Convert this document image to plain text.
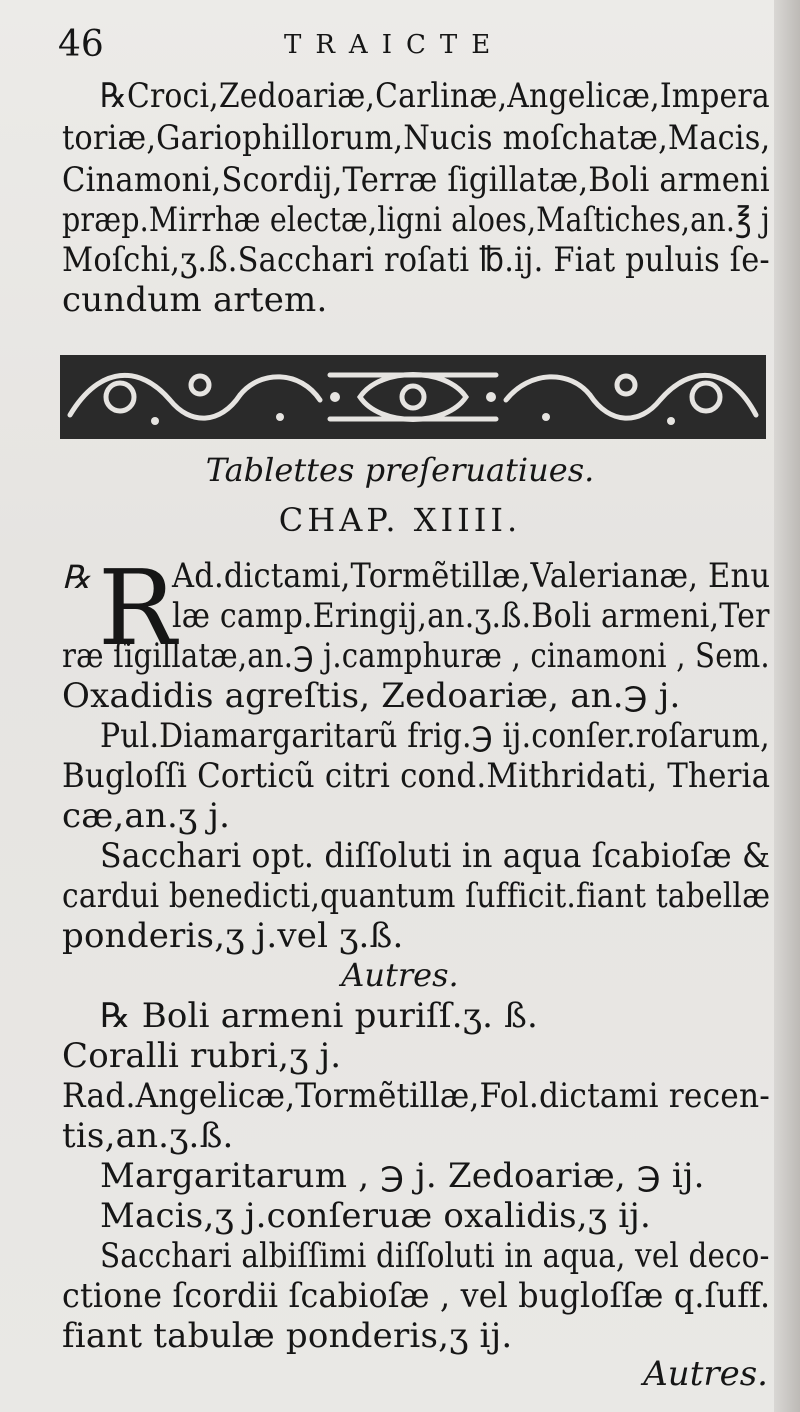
46	TRAICTE
℞Croci,Zedoariæ,Carlinæ,Angelicæ,Impera
toriæ,Gariophillorum,Nucis moſchatæ,Macis,
Cinamoni,Scordij,Terræ ſigillatæ,Boli armeni
præp.Mirrhæ electæ,ligni aloes,Maſtiches,an.℥ j
Moſchi,ʒ.ß.Sacchari roſati ℔.ij. Fiat puluis ſe-
cundum artem.
Tablettes preſeruatiues.
CHAP. XIIII.
℞ R
Ad.dictami,Tormẽtillæ,Valerianæ, Enu
læ camp.Eringij,an.ʒ.ß.Boli armeni,Ter
ræ ſigillatæ,an.℈ j.camphuræ , cinamoni , Sem.
Oxadidis agreſtis, Zedoariæ, an.℈ j.
Pul.Diamargaritarũ frig.℈ ij.conſer.roſarum,
Bugloſſi Corticũ citri cond.Mithridati, Theria
cæ,an.ʒ j.
Sacchari opt. diſſoluti in aqua ſcabioſæ &
cardui benedicti,quantum ſufficit.fiant tabellæ
ponderis,ʒ j.vel ʒ.ß.
Autres.
℞ Boli armeni puriſſ.ʒ. ß.
Coralli rubri,ʒ j.
Rad.Angelicæ,Tormẽtillæ,Fol.dictami recen-
tis,an.ʒ.ß.
Margaritarum , ℈ j. Zedoariæ, ℈ ij.
Macis,ʒ j.conſeruæ oxalidis,ʒ ij.
Sacchari albiſſimi diſſoluti in aqua, vel deco-
ctione ſcordii ſcabioſæ , vel bugloſſæ q.ſuff.
fiant tabulæ ponderis,ʒ ij.
Autres.
